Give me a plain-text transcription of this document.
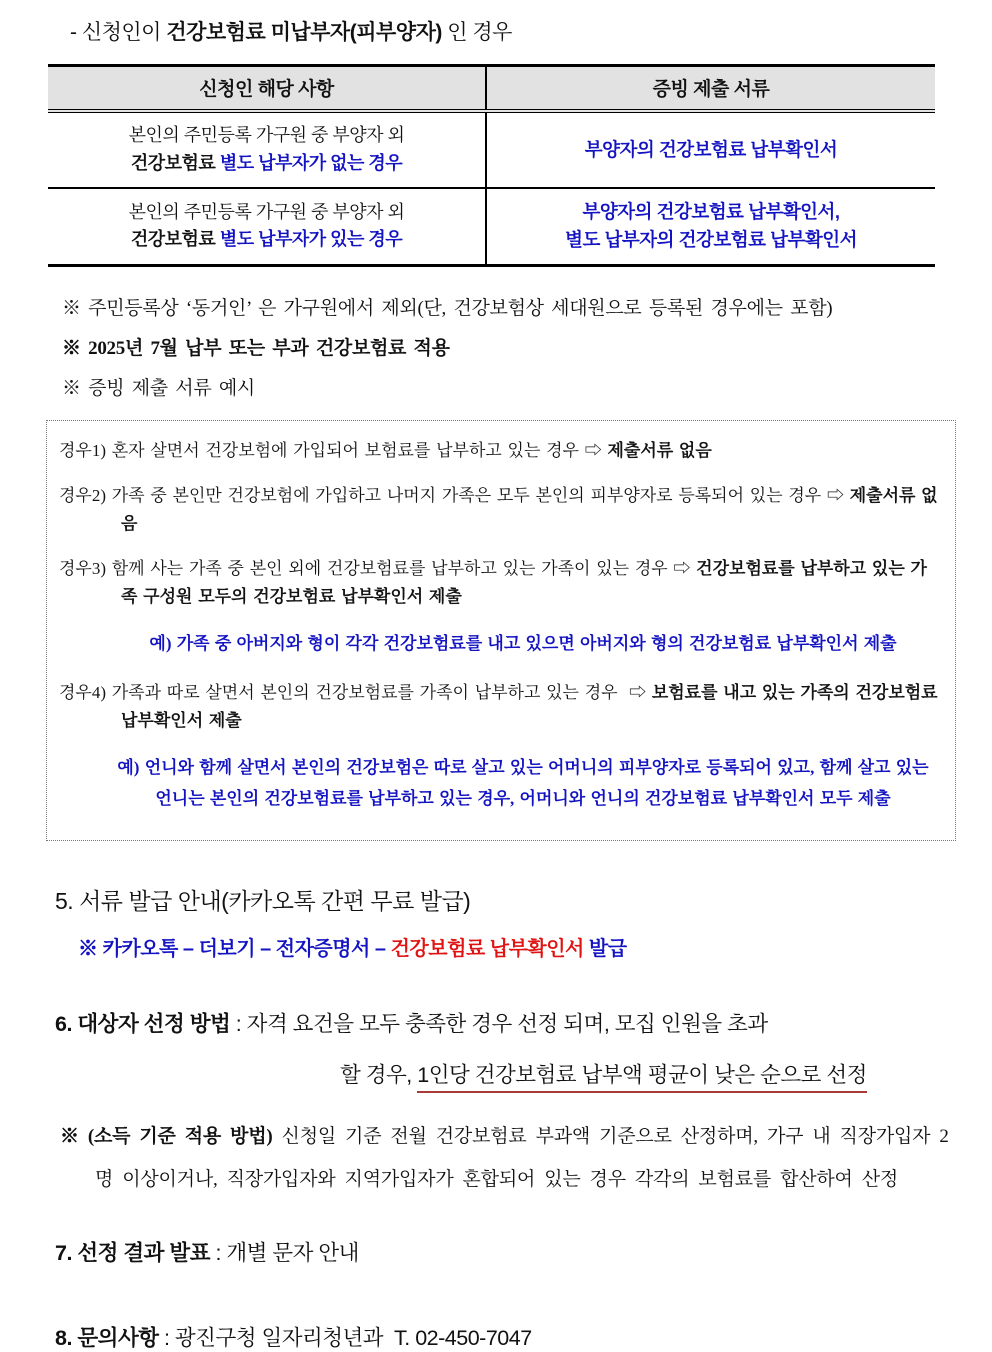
- 신청인이 건강보험료 미납부자(피부양자) 인 경우
신청인 해당 사항	증빙 제출 서류
본인의 주민등록 가구원 중 부양자 외
건강보험료 별도 납부자가 없는 경우
부양자의 건강보험료 납부확인서
본인의 주민등록 가구원 중 부양자 외
건강보험료 별도 납부자가 있는 경우
부양자의 건강보험료 납부확인서,
별도 납부자의 건강보험료 납부확인서
※ 주민등록상 ‘동거인’ 은 가구원에서 제외(단, 건강보험상 세대원으로 등록된 경우에는 포함)
※ 2025년 7월 납부 또는 부과 건강보험료 적용
※ 증빙 제출 서류 예시
경우1) 혼자 살면서 건강보험에 가입되어 보험료를 납부하고 있는 경우 ⇨ 제출서류 없음
경우2) 가족 중 본인만 건강보험에 가입하고 나머지 가족은 모두 본인의 피부양자로 등록되어 있는 경우 ⇨ 제출서류 없음
경우3) 함께 사는 가족 중 본인 외에 건강보험료를 납부하고 있는 가족이 있는 경우 ⇨ 건강보험료를 납부하고 있는 가족 구성원 모두의 건강보험료 납부확인서 제출
예) 가족 중 아버지와 형이 각각 건강보험료를 내고 있으면 아버지와 형의 건강보험료 납부확인서 제출
경우4) 가족과 따로 살면서 본인의 건강보험료를 가족이 납부하고 있는 경우  ⇨ 보험료를 내고 있는 가족의 건강보험료 납부확인서 제출
예) 언니와 함께 살면서 본인의 건강보험은 따로 살고 있는 어머니의 피부양자로 등록되어 있고, 함께 살고 있는 언니는 본인의 건강보험료를 납부하고 있는 경우, 어머니와 언니의 건강보험료 납부확인서 모두 제출
5. 서류 발급 안내(카카오톡 간편 무료 발급)
※ 카카오톡 – 더보기 – 전자증명서 – 건강보험료 납부확인서 발급
6. 대상자 선정 방법 : 자격 요건을 모두 충족한 경우 선정 되며, 모집 인원을 초과
할 경우, 1인당 건강보험료 납부액 평균이 낮은 순으로 선정
※ (소득 기준 적용 방법) 신청일 기준 전월 건강보험료 부과액 기준으로 산정하며, 가구 내 직장가입자 2명 이상이거나, 직장가입자와 지역가입자가 혼합되어 있는 경우 각각의 보험료를 합산하여 산정
7. 선정 결과 발표 : 개별 문자 안내
8. 문의사항 : 광진구청 일자리청년과  T. 02-450-7047
